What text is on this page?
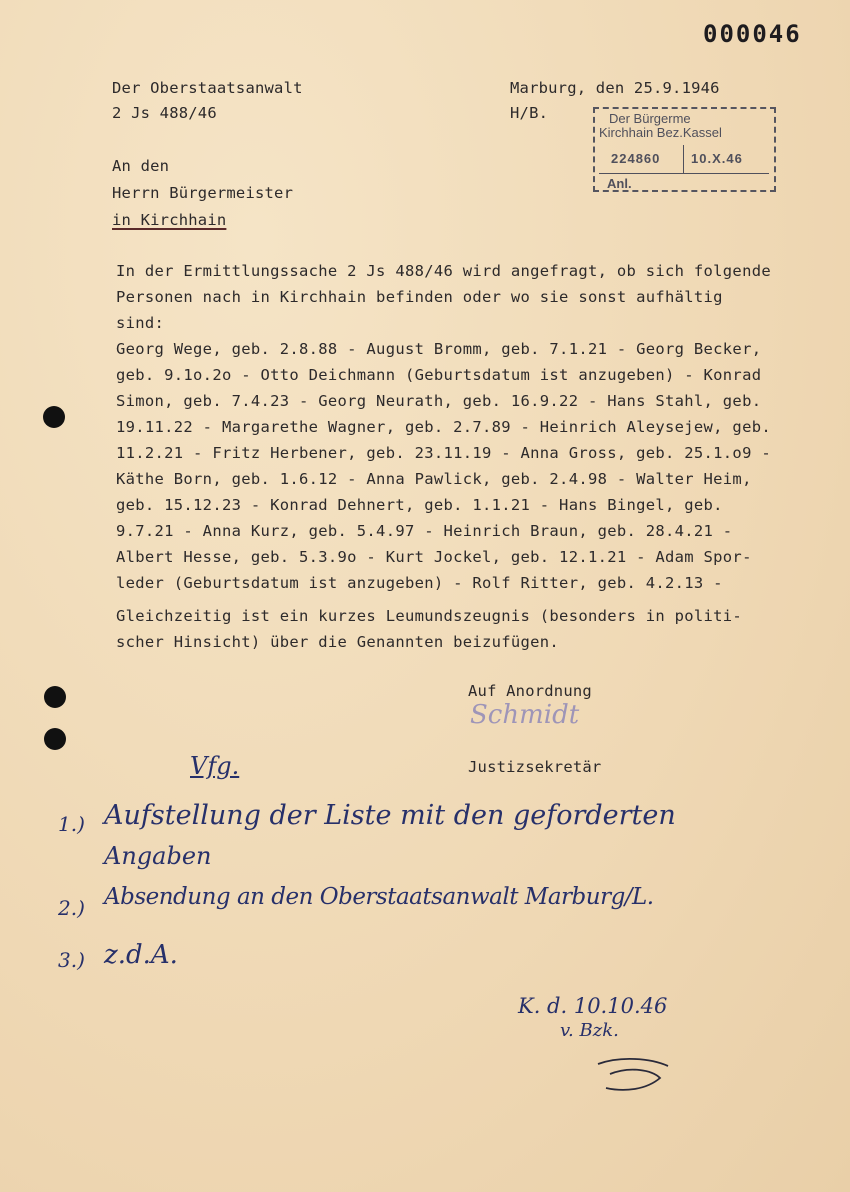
000046
Der Oberstaatsanwalt
2 Js 488/46
Marburg, den 25.9.1946
H/B.	Der Bürgerme
Kirchhain Bez.Kassel
224860 10.X.46
Anl.
An den
Herrn Bürgermeister
in Kirchhain
In der Ermittlungssache 2 Js 488/46 wird angefragt, ob sich folgende
Personen nach in Kirchhain befinden oder wo sie sonst aufhältig
sind:
Georg Wege, geb. 2.8.88 - August Bromm, geb. 7.1.21 - Georg Becker,
geb. 9.1o.2o - Otto Deichmann (Geburtsdatum ist anzugeben) - Konrad
Simon, geb. 7.4.23 - Georg Neurath, geb. 16.9.22 - Hans Stahl, geb.
19.11.22 - Margarethe Wagner, geb. 2.7.89 - Heinrich Aleysejew, geb.
11.2.21 - Fritz Herbener, geb. 23.11.19 - Anna Gross, geb. 25.1.o9 -
Käthe Born, geb. 1.6.12 - Anna Pawlick, geb. 2.4.98 - Walter Heim,
geb. 15.12.23 - Konrad Dehnert, geb. 1.1.21 - Hans Bingel, geb.
9.7.21 - Anna Kurz, geb. 5.4.97 - Heinrich Braun, geb. 28.4.21 -
Albert Hesse, geb. 5.3.9o - Kurt Jockel, geb. 12.1.21 - Adam Spor-
leder (Geburtsdatum ist anzugeben) - Rolf Ritter, geb. 4.2.13 -
Gleichzeitig ist ein kurzes Leumundszeugnis (besonders in politi-
scher Hinsicht) über die Genannten beizufügen.
Auf Anordnung
Schmidt
Justizsekretär
Vfg.
1.) Aufstellung der Liste mit den geforderten
Angaben
2.) Absendung an den Oberstaatsanwalt Marburg/L.
3.) z.d.A.
K. d. 10.10.46
v. Bzk.
